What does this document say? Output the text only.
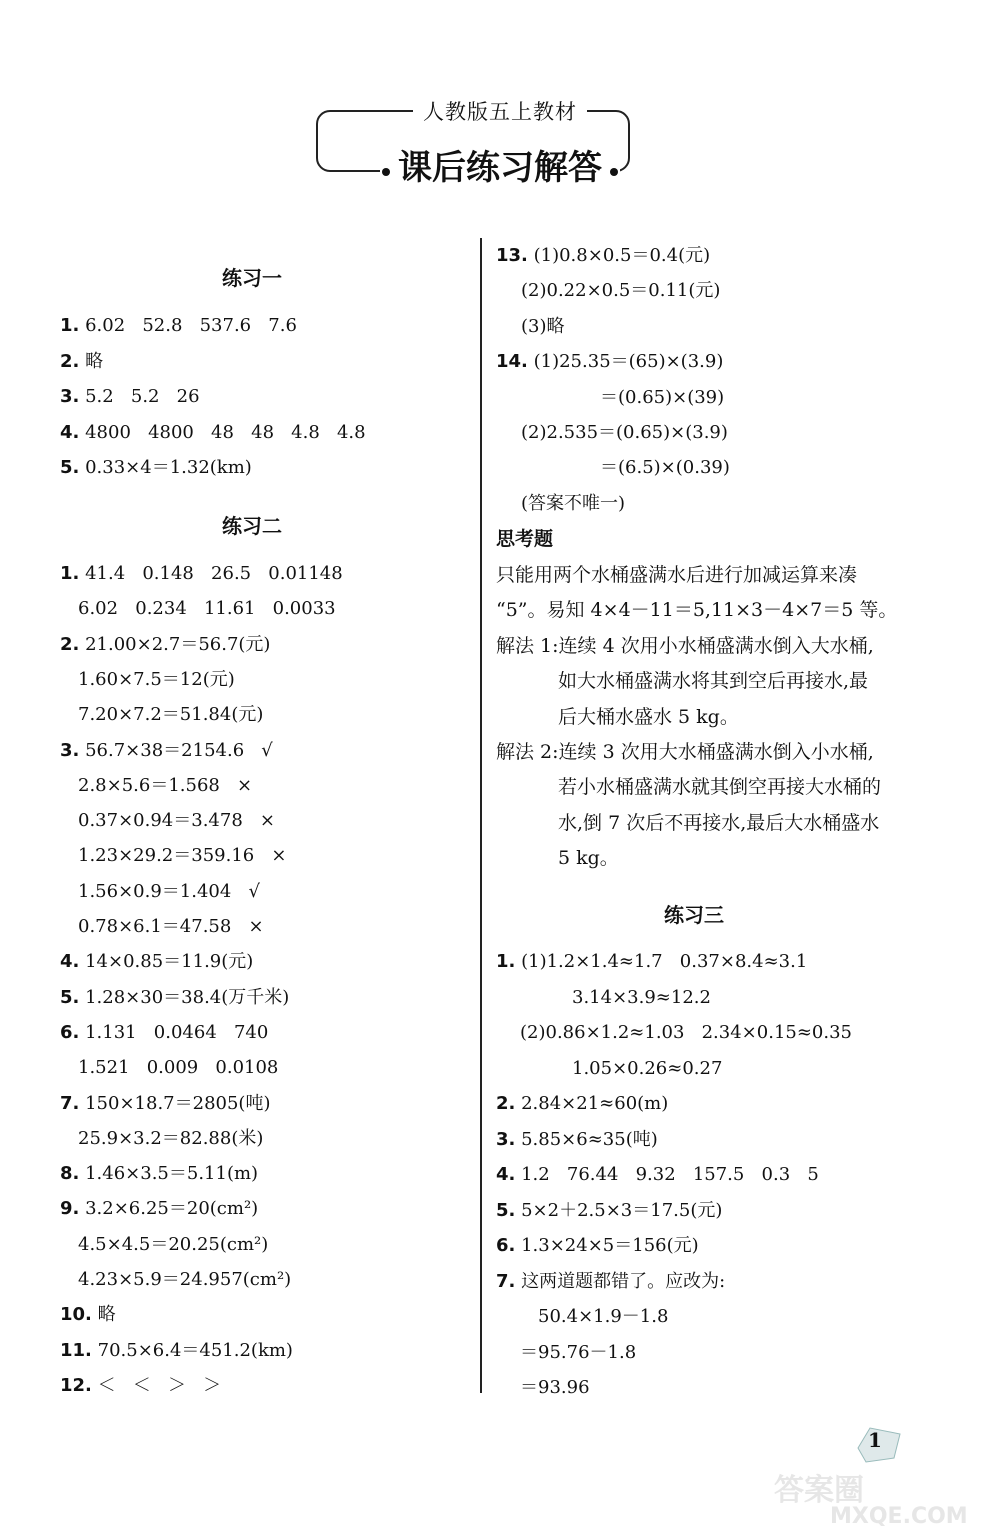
人教版五上教材
课后练习解答
练习一
1. 6.02   52.8   537.6   7.6
2. 略
3. 5.2   5.2   26
4. 4800   4800   48   48   4.8   4.8
5. 0.33×4＝1.32(km)
练习二
1. 41.4   0.148   26.5   0.01148
6.02   0.234   11.61   0.0033
2. 21.00×2.7＝56.7(元)
1.60×7.5＝12(元)
7.20×7.2＝51.84(元)
3. 56.7×38＝2154.6   √
2.8×5.6＝1.568   ×
0.37×0.94＝3.478   ×
1.23×29.2＝359.16   ×
1.56×0.9＝1.404   √
0.78×6.1＝47.58   ×
4. 14×0.85＝11.9(元)
5. 1.28×30＝38.4(万千米)
6. 1.131   0.0464   740
1.521   0.009   0.0108
7. 150×18.7＝2805(吨)
25.9×3.2＝82.88(米)
8. 1.46×3.5＝5.11(m)
9. 3.2×6.25＝20(cm²)
4.5×4.5＝20.25(cm²)
4.23×5.9＝24.957(cm²)
10. 略
11. 70.5×6.4＝451.2(km)
12. ＜   ＜   ＞   ＞
13. (1)0.8×0.5＝0.4(元)
(2)0.22×0.5＝0.11(元)
(3)略
14. (1)25.35＝(65)×(3.9)
＝(0.65)×(39)
(2)2.535＝(0.65)×(3.9)
＝(6.5)×(0.39)
(答案不唯一)
思考题
只能用两个水桶盛满水后进行加减运算来凑
“5”。易知 4×4－11＝5,11×3－4×7＝5 等。
解法 1:连续 4 次用小水桶盛满水倒入大水桶,
如大水桶盛满水将其到空后再接水,最
后大桶水盛水 5 kg。
解法 2:连续 3 次用大水桶盛满水倒入小水桶,
若小水桶盛满水就其倒空再接大水桶的
水,倒 7 次后不再接水,最后大水桶盛水
5 kg。
练习三
1. (1)1.2×1.4≈1.7   0.37×8.4≈3.1
3.14×3.9≈12.2
(2)0.86×1.2≈1.03   2.34×0.15≈0.35
1.05×0.26≈0.27
2. 2.84×21≈60(m)
3. 5.85×6≈35(吨)
4. 1.2   76.44   9.32   157.5   0.3   5
5. 5×2＋2.5×3＝17.5(元)
6. 1.3×24×5＝156(元)
7. 这两道题都错了。应改为:
50.4×1.9－1.8
＝95.76－1.8
＝93.96
1
答案圈
MXQE.COM
